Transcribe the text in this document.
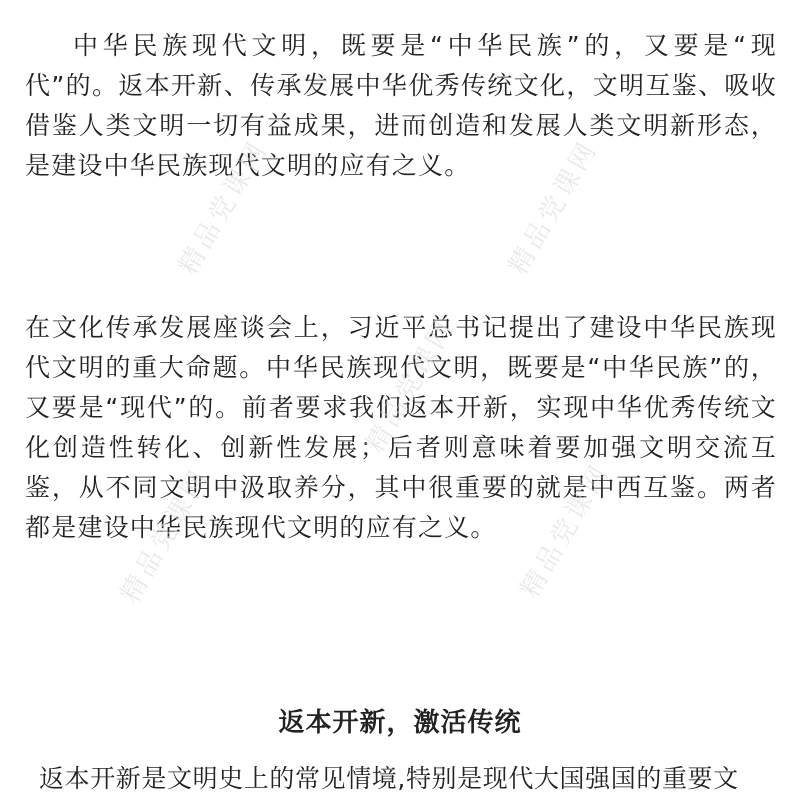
中华民族现代文明，既要是“中华民族”的，又要是“现代”的。返本开新、传承发展中华优秀传统文化，文明互鉴、吸收借鉴人类文明一切有益成果，进而创造和发展人类文明新形态，是建设中华民族现代文明的应有之义。

在文化传承发展座谈会上，习近平总书记提出了建设中华民族现代文明的重大命题。中华民族现代文明，既要是“中华民族”的，又要是“现代”的。前者要求我们返本开新，实现中华优秀传统文化创造性转化、创新性发展；后者则意味着要加强文明交流互鉴，从不同文明中汲取养分，其中很重要的就是中西互鉴。两者都是建设中华民族现代文明的应有之义。

返本开新，激活传统

返本开新是文明史上的常见情境,特别是现代大国强国的重要文

精品党课网	精品党课网
精品党课网
精品党课网	精品党课网
